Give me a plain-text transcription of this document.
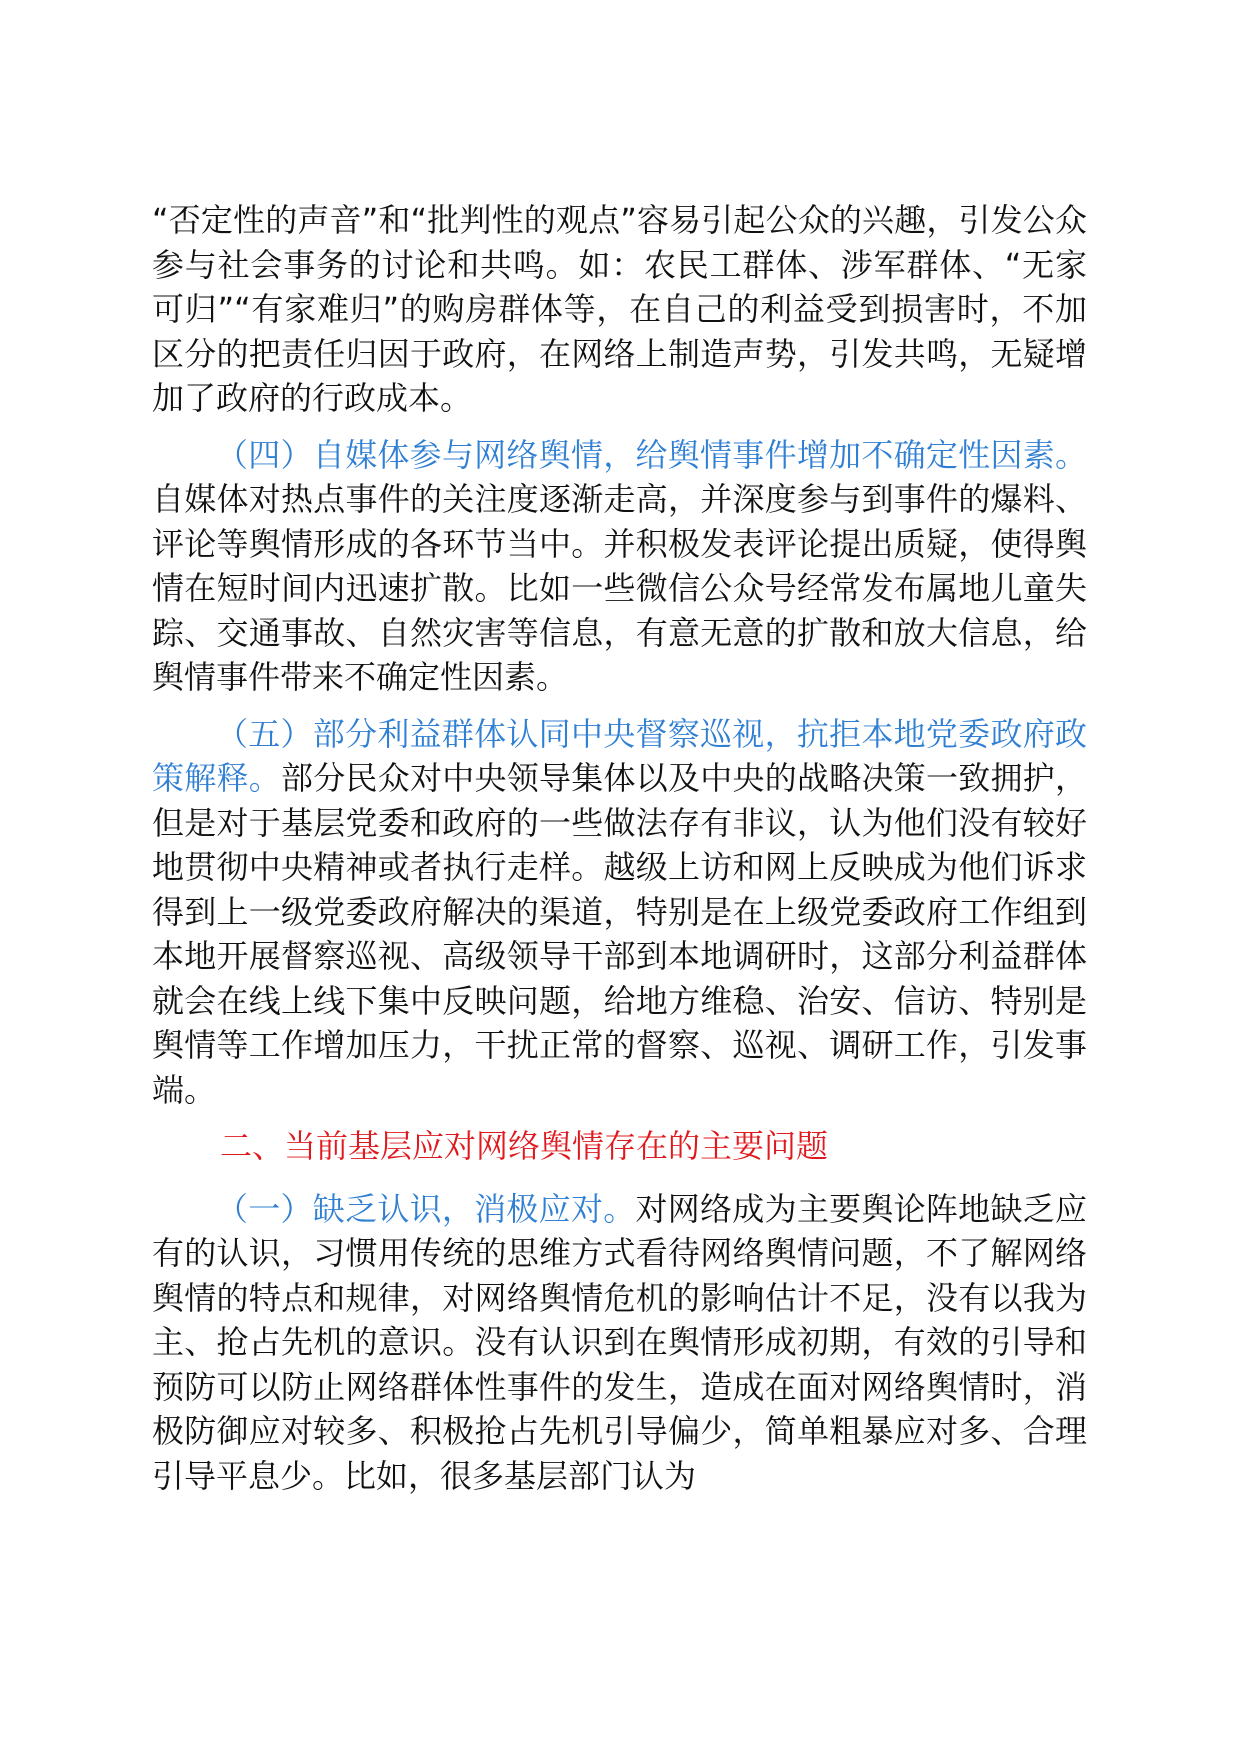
“否定性的声音”和“批判性的观点”容易引起公众的兴趣，引发公众参与社会事务的讨论和共鸣。如：农民工群体、涉军群体、“无家可归”“有家难归”的购房群体等，在自己的利益受到损害时，不加区分的把责任归因于政府，在网络上制造声势，引发共鸣，无疑增加了政府的行政成本。

（四）自媒体参与网络舆情，给舆情事件增加不确定性因素。自媒体对热点事件的关注度逐渐走高，并深度参与到事件的爆料、评论等舆情形成的各环节当中。并积极发表评论提出质疑，使得舆情在短时间内迅速扩散。比如一些微信公众号经常发布属地儿童失踪、交通事故、自然灾害等信息，有意无意的扩散和放大信息，给舆情事件带来不确定性因素。

（五）部分利益群体认同中央督察巡视，抗拒本地党委政府政策解释。部分民众对中央领导集体以及中央的战略决策一致拥护，但是对于基层党委和政府的一些做法存有非议，认为他们没有较好地贯彻中央精神或者执行走样。越级上访和网上反映成为他们诉求得到上一级党委政府解决的渠道，特别是在上级党委政府工作组到本地开展督察巡视、高级领导干部到本地调研时，这部分利益群体就会在线上线下集中反映问题，给地方维稳、治安、信访、特别是舆情等工作增加压力，干扰正常的督察、巡视、调研工作，引发事端。

二、当前基层应对网络舆情存在的主要问题

（一）缺乏认识，消极应对。对网络成为主要舆论阵地缺乏应有的认识，习惯用传统的思维方式看待网络舆情问题，不了解网络舆情的特点和规律，对网络舆情危机的影响估计不足，没有以我为主、抢占先机的意识。没有认识到在舆情形成初期，有效的引导和预防可以防止网络群体性事件的发生，造成在面对网络舆情时，消极防御应对较多、积极抢占先机引导偏少，简单粗暴应对多、合理引导平息少。比如，很多基层部门认为
